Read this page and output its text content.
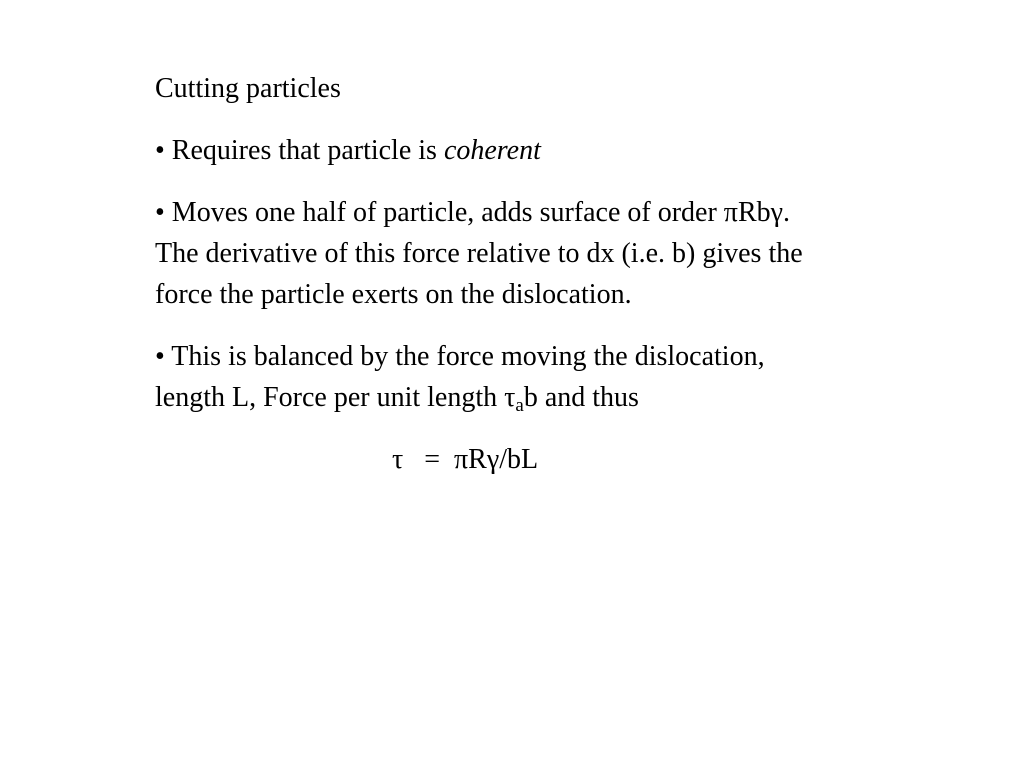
Cutting particles

• Requires that particle is coherent

• Moves one half of particle, adds surface of order πRbγ. The derivative of this force relative to dx (i.e. b) gives the force the particle exerts on the dislocation.

• This is balanced by the force moving the dislocation, length L, Force per unit length $\tau_ab$ and thus

τ   =  πRγ/bL
